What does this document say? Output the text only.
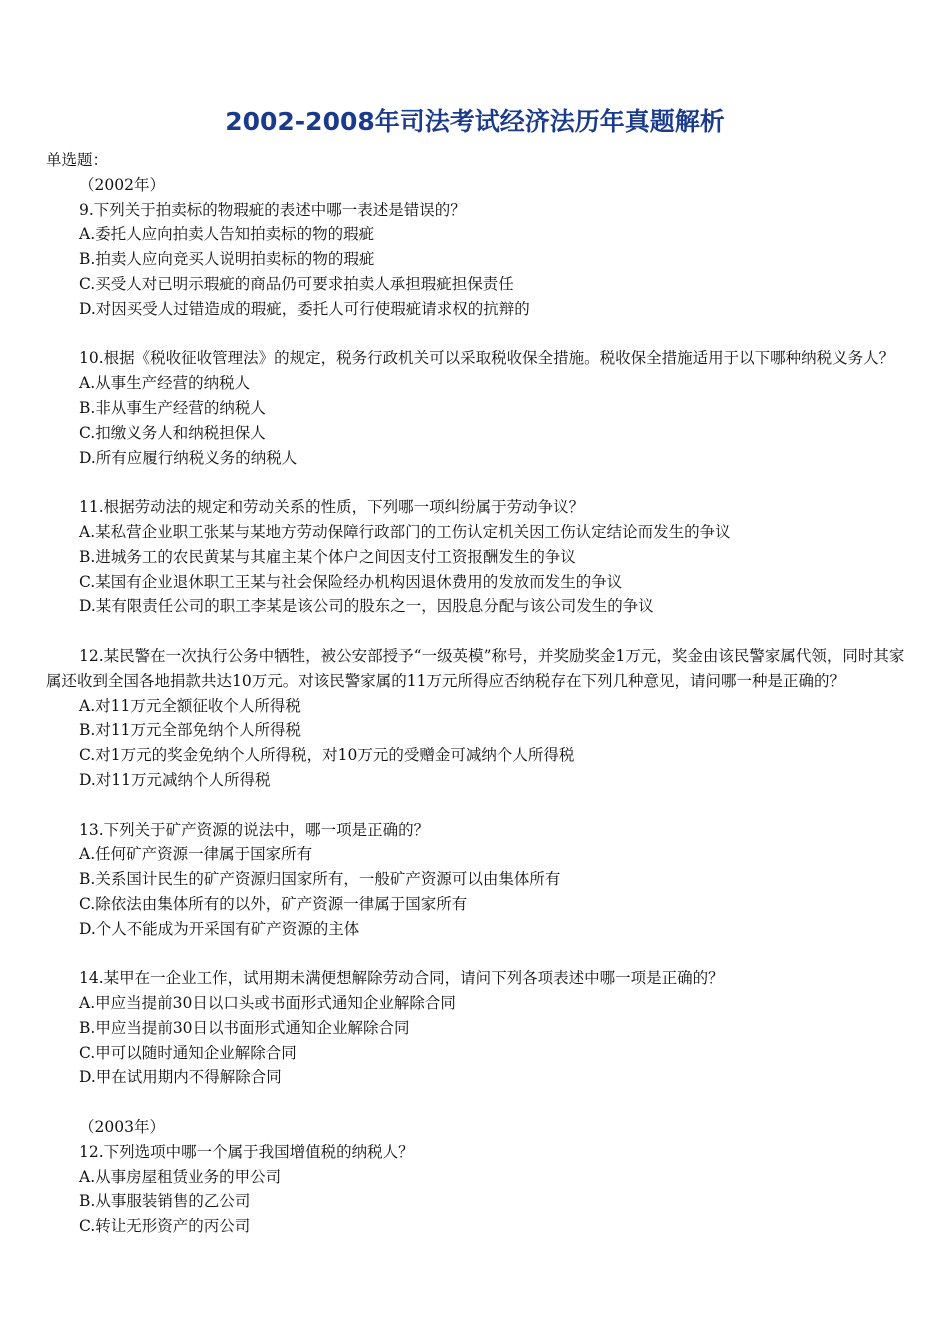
2002-2008年司法考试经济法历年真题解析
单选题：
（2002年）
9.下列关于拍卖标的物瑕疵的表述中哪一表述是错误的？
A.委托人应向拍卖人告知拍卖标的物的瑕疵
B.拍卖人应向竞买人说明拍卖标的物的瑕疵
C.买受人对已明示瑕疵的商品仍可要求拍卖人承担瑕疵担保责任
D.对因买受人过错造成的瑕疵，委托人可行使瑕疵请求权的抗辩的
10.根据《税收征收管理法》的规定，税务行政机关可以采取税收保全措施。税收保全措施适用于以下哪种纳税义务人？
A.从事生产经营的纳税人
B.非从事生产经营的纳税人
C.扣缴义务人和纳税担保人
D.所有应履行纳税义务的纳税人
11.根据劳动法的规定和劳动关系的性质，下列哪一项纠纷属于劳动争议？
A.某私营企业职工张某与某地方劳动保障行政部门的工伤认定机关因工伤认定结论而发生的争议
B.进城务工的农民黄某与其雇主某个体户之间因支付工资报酬发生的争议
C.某国有企业退休职工王某与社会保险经办机构因退休费用的发放而发生的争议
D.某有限责任公司的职工李某是该公司的股东之一，因股息分配与该公司发生的争议
12.某民警在一次执行公务中牺牲，被公安部授予“一级英模”称号，并奖励奖金1万元，奖金由该民警家属代领，同时其家属还收到全国各地捐款共达10万元。对该民警家属的11万元所得应否纳税存在下列几种意见，请问哪一种是正确的？
A.对11万元全额征收个人所得税
B.对11万元全部免纳个人所得税
C.对1万元的奖金免纳个人所得税，对10万元的受赠金可减纳个人所得税
D.对11万元减纳个人所得税
13.下列关于矿产资源的说法中，哪一项是正确的？
A.任何矿产资源一律属于国家所有
B.关系国计民生的矿产资源归国家所有，一般矿产资源可以由集体所有
C.除依法由集体所有的以外，矿产资源一律属于国家所有
D.个人不能成为开采国有矿产资源的主体
14.某甲在一企业工作，试用期未满便想解除劳动合同，请问下列各项表述中哪一项是正确的？
A.甲应当提前30日以口头或书面形式通知企业解除合同
B.甲应当提前30日以书面形式通知企业解除合同
C.甲可以随时通知企业解除合同
D.甲在试用期内不得解除合同
（2003年）
12.下列选项中哪一个属于我国增值税的纳税人？
A.从事房屋租赁业务的甲公司
B.从事服装销售的乙公司
C.转让无形资产的丙公司
